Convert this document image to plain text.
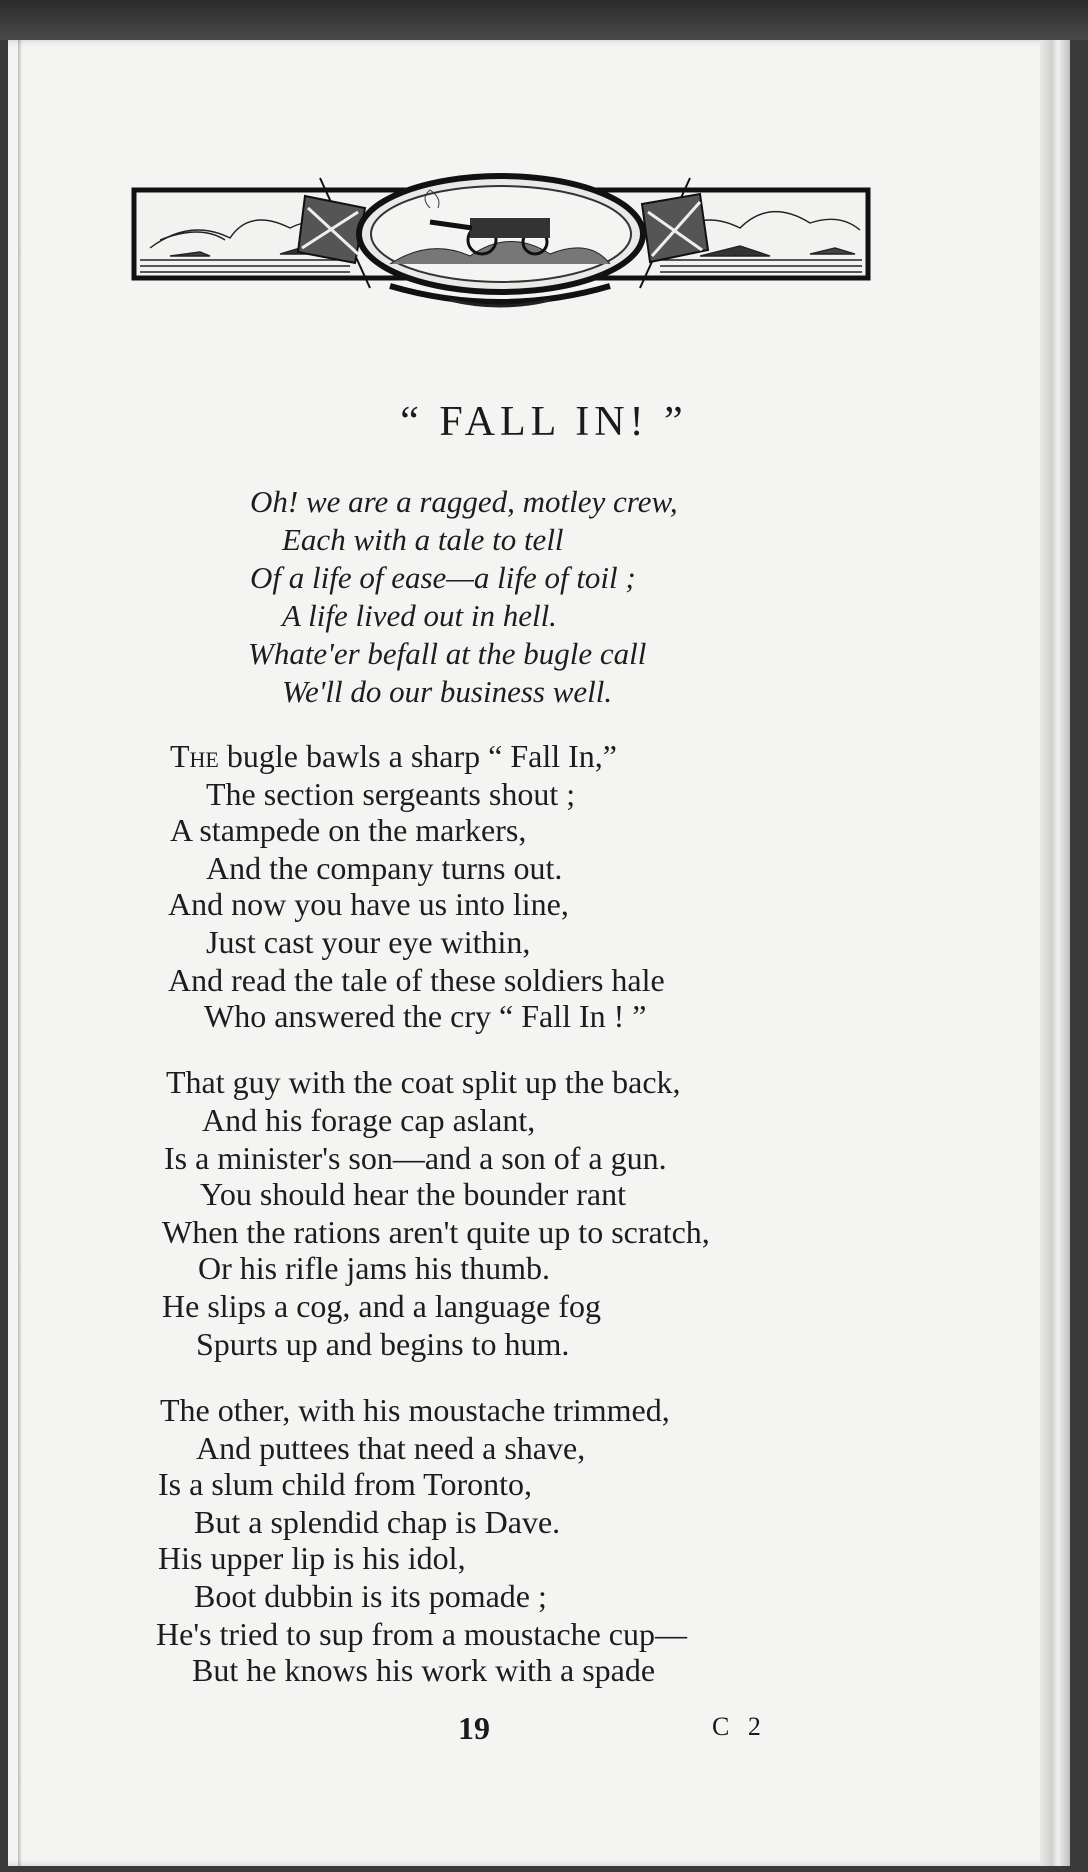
“ FALL IN! ”
Oh! we are a ragged, motley crew,
Each with a tale to tell
Of a life of ease—a life of toil ;
A life lived out in hell.
Whate'er befall at the bugle call
We'll do our business well.
The bugle bawls a sharp “ Fall In,”
The section sergeants shout ;
A stampede on the markers,
And the company turns out.
And now you have us into line,
Just cast your eye within,
And read the tale of these soldiers hale
Who answered the cry “ Fall In ! ”
That guy with the coat split up the back,
And his forage cap aslant,
Is a minister's son—and a son of a gun.
You should hear the bounder rant
When the rations aren't quite up to scratch,
Or his rifle jams his thumb.
He slips a cog, and a language fog
Spurts up and begins to hum.
The other, with his moustache trimmed,
And puttees that need a shave,
Is a slum child from Toronto,
But a splendid chap is Dave.
His upper lip is his idol,
Boot dubbin is its pomade ;
He's tried to sup from a moustache cup—
But he knows his work with a spade
19	C 2
